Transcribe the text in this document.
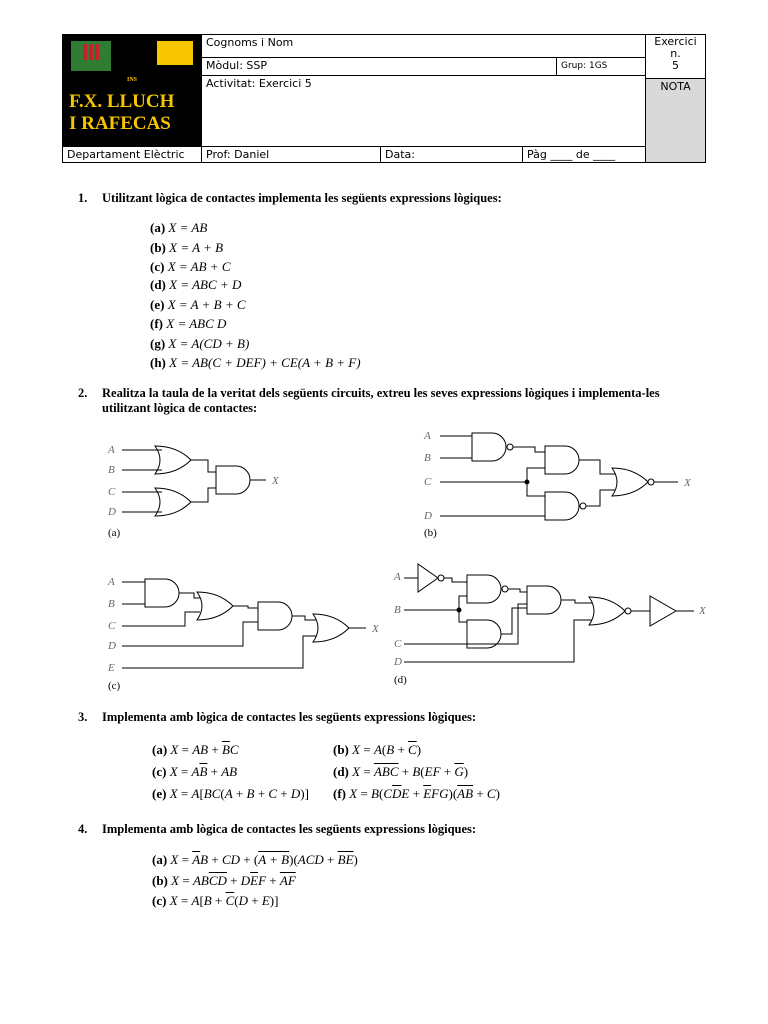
INS
F.X. LLUCH
I RAFECAS
Cognoms i Nom	Exercici n.
5
Mòdul: SSP	Grup: 1GS
Activitat: Exercici 5	NOTA
Departament Elèctric	Prof: Daniel	Data:	Pàg ____ de ____
1. Utilitzant lògica de contactes implementa les següents expressions lògiques:
(a) X = AB
(b) X = A + B
(c) X = AB + C
(d) X = ABC + D
(e) X = A + B + C
(f) X = ABC D
(g) X = A(CD + B)
(h) X = AB(C + DEF) + CE(A + B + F)
2. Realitza la taula de la veritat dels següents circuits, extreu les seves expressions lògiques i implementa-les utilitzant lògica de contactes:
A
B
C
D
X
A
B
C
D
X
A
B
C
D
E
X
A
B
C
D
X
(a)	(b)
(c)	(d)
3. Implementa amb lògica de contactes les següents expressions lògiques:
(a) X = AB + $\overline{B}C$	(b) $X = A(B + \overline{C})$
(c) $X = A\overline{B}$ + AB	(d) $X = \overline{ABC} + B(EF + \overline{G})$
(e) X = A[BC(A + B + C + D)] (f) $X = B(C\overline{D}E + \overline{E}FG)(\overline{AB} + C)$
4. Implementa amb lògica de contactes les següents expressions lògiques:
(a) $X = \overline{A}B$ + CD + $(A + B)(ACD + \overline{BE})$
(b) $X = AB\overline{CD} + D\overline{E}F + \overline{AF}$
(c) $X = A[B + \overline{C}(D + E)]$
